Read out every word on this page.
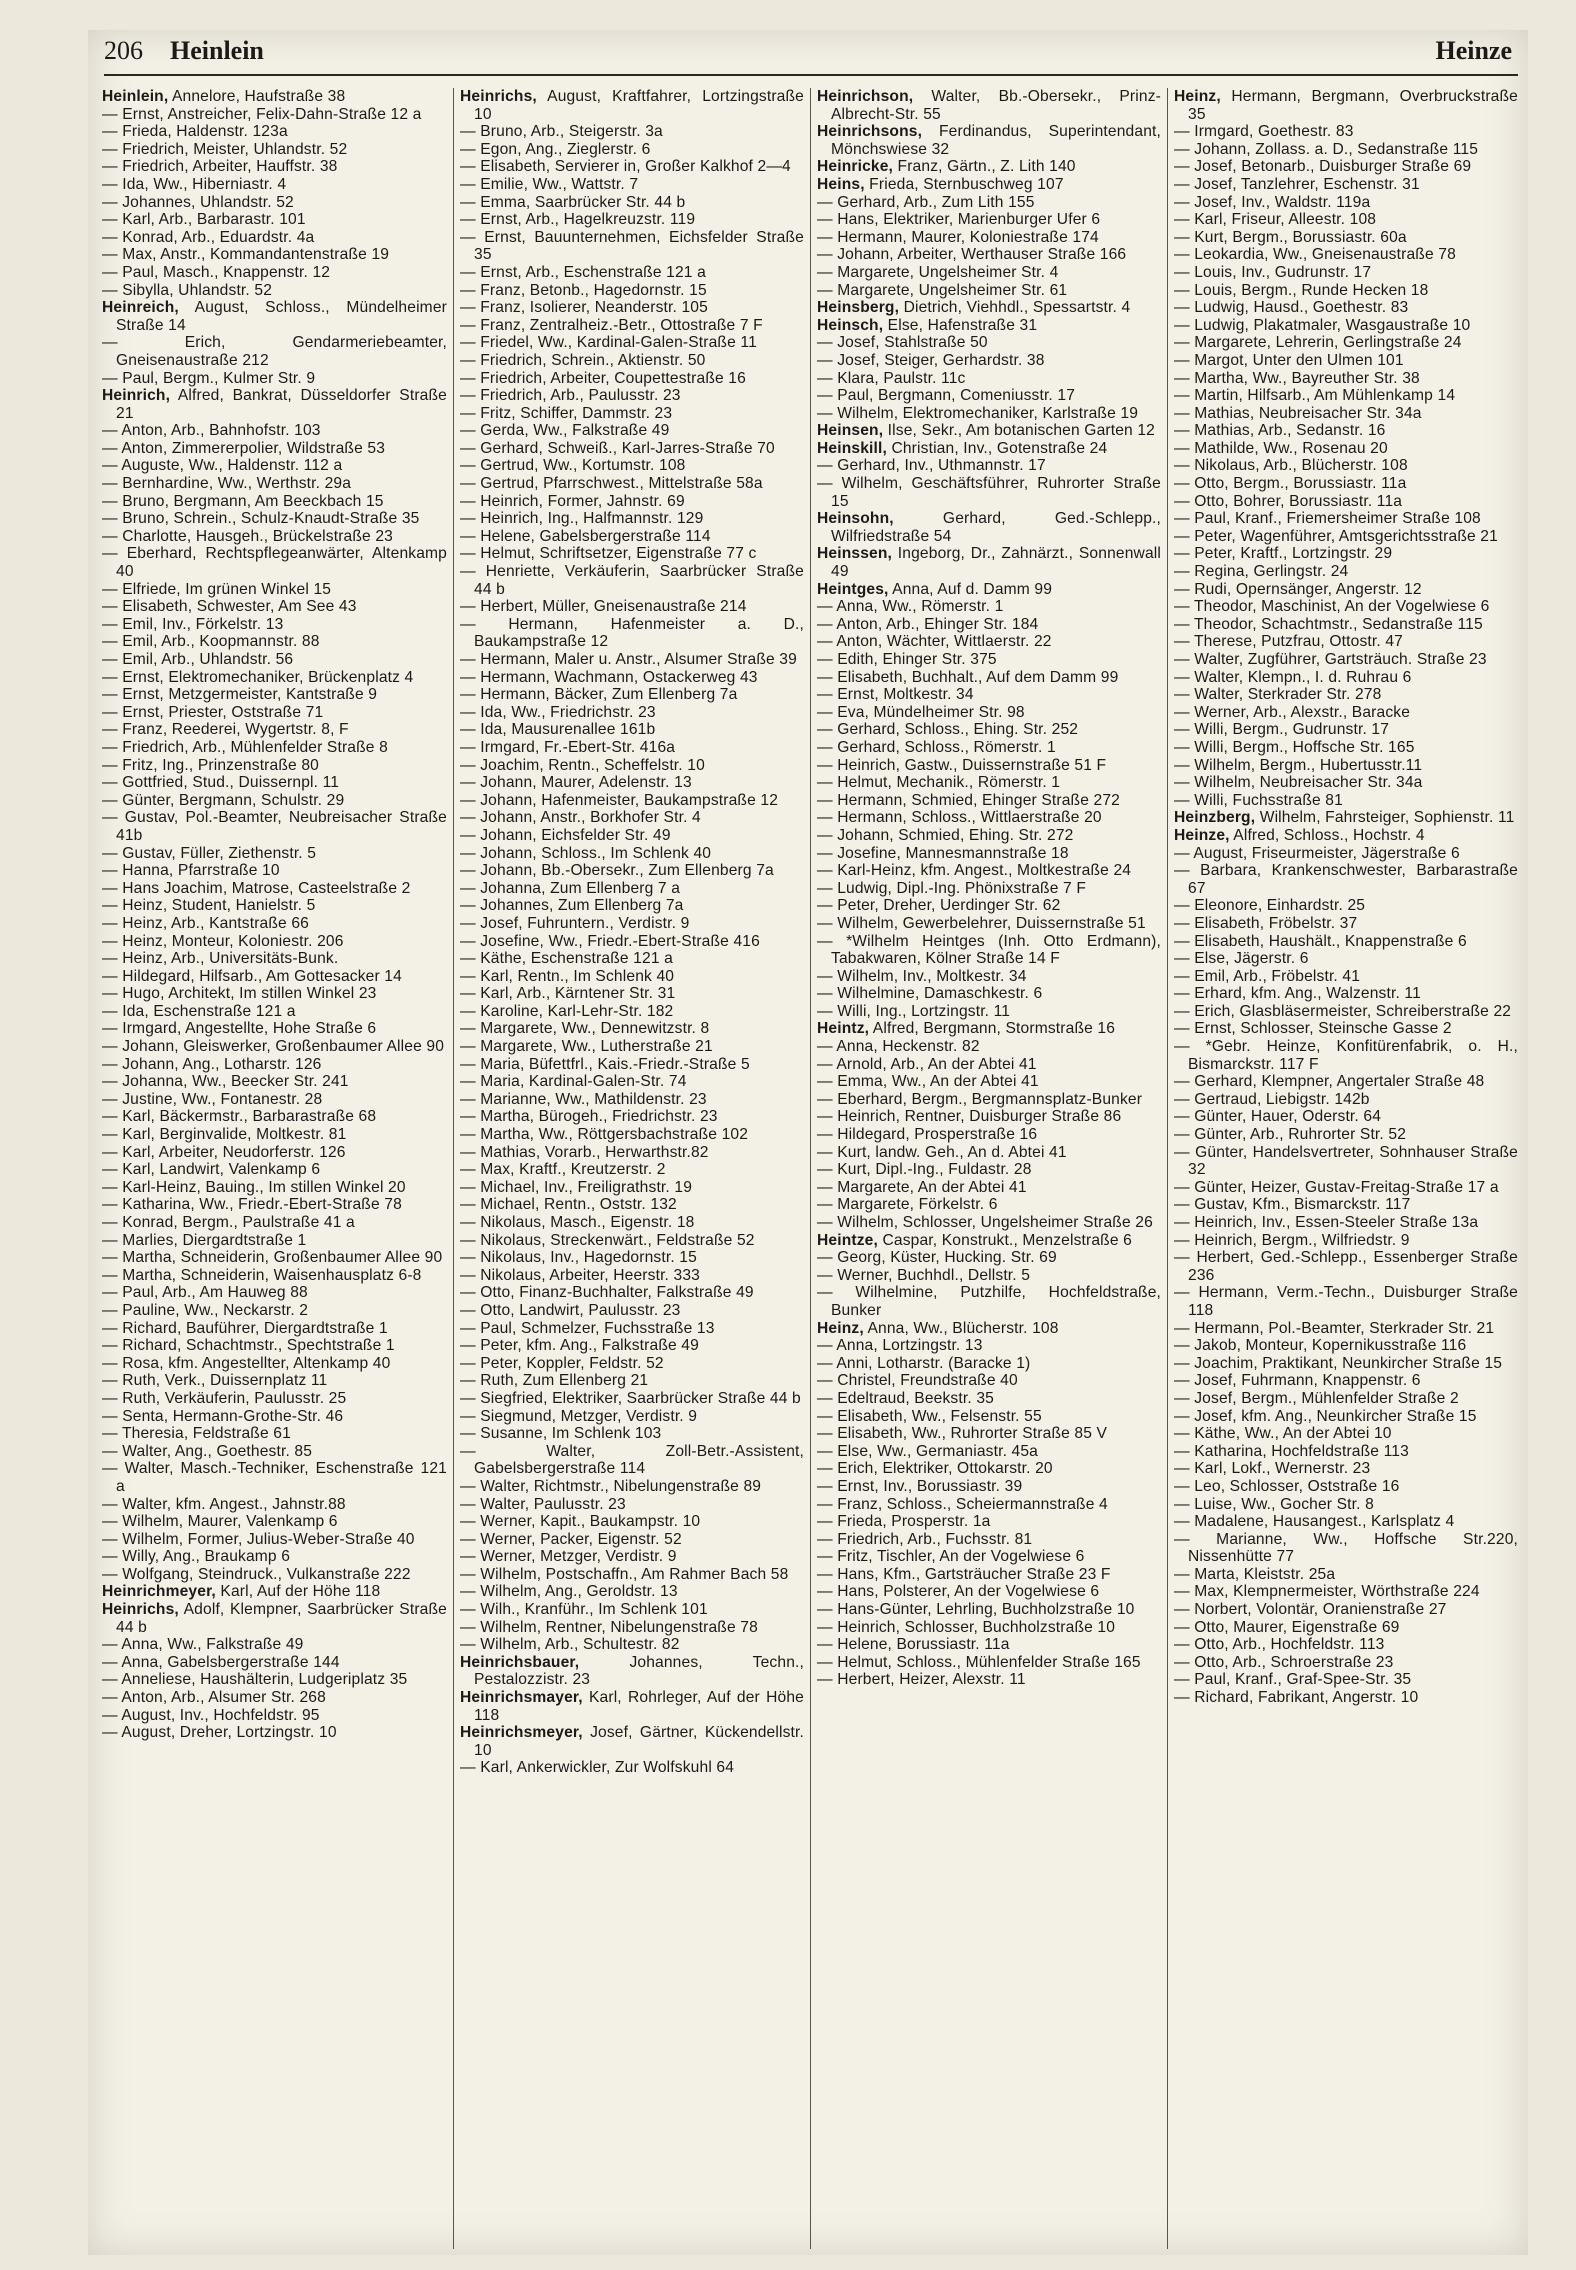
206 Heinlein	Heinze
Heinlein, Annelore, Haufstraße 38
— Ernst, Anstreicher, Felix-Dahn-Straße 12 a
— Frieda, Haldenstr. 123a
— Friedrich, Meister, Uhlandstr. 52
— Friedrich, Arbeiter, Hauffstr. 38
— Ida, Ww., Hiberniastr. 4
— Johannes, Uhlandstr. 52
— Karl, Arb., Barbarastr. 101
— Konrad, Arb., Eduardstr. 4a
— Max, Anstr., Kommandantenstraße 19
— Paul, Masch., Knappenstr. 12
— Sibylla, Uhlandstr. 52
Heinreich, August, Schloss., Mündelheimer Straße 14
— Erich, Gendarmeriebeamter, Gneisenaustraße 212
— Paul, Bergm., Kulmer Str. 9
Heinrich, Alfred, Bankrat, Düsseldorfer Straße 21
— Anton, Arb., Bahnhofstr. 103
— Anton, Zimmererpolier, Wildstraße 53
— Auguste, Ww., Haldenstr. 112 a
— Bernhardine, Ww., Werthstr. 29a
— Bruno, Bergmann, Am Beeckbach 15
— Bruno, Schrein., Schulz-Knaudt-Straße 35
— Charlotte, Hausgeh., Brückelstraße 23
— Eberhard, Rechtspflegeanwärter, Altenkamp 40
— Elfriede, Im grünen Winkel 15
— Elisabeth, Schwester, Am See 43
— Emil, Inv., Förkelstr. 13
— Emil, Arb., Koopmannstr. 88
— Emil, Arb., Uhlandstr. 56
— Ernst, Elektromechaniker, Brückenplatz 4
— Ernst, Metzgermeister, Kantstraße 9
— Ernst, Priester, Oststraße 71
— Franz, Reederei, Wygertstr. 8, F
— Friedrich, Arb., Mühlenfelder Straße 8
— Fritz, Ing., Prinzenstraße 80
— Gottfried, Stud., Duissernpl. 11
— Günter, Bergmann, Schulstr. 29
— Gustav, Pol.-Beamter, Neubreisacher Straße 41b
— Gustav, Füller, Ziethenstr. 5
— Hanna, Pfarrstraße 10
— Hans Joachim, Matrose, Casteelstraße 2
— Heinz, Student, Hanielstr. 5
— Heinz, Arb., Kantstraße 66
— Heinz, Monteur, Koloniestr. 206
— Heinz, Arb., Universitäts-Bunk.
— Hildegard, Hilfsarb., Am Gottesacker 14
— Hugo, Architekt, Im stillen Winkel 23
— Ida, Eschenstraße 121 a
— Irmgard, Angestellte, Hohe Straße 6
— Johann, Gleiswerker, Großenbaumer Allee 90
— Johann, Ang., Lotharstr. 126
— Johanna, Ww., Beecker Str. 241
— Justine, Ww., Fontanestr. 28
— Karl, Bäckermstr., Barbarastraße 68
— Karl, Berginvalide, Moltkestr. 81
— Karl, Arbeiter, Neudorferstr. 126
— Karl, Landwirt, Valenkamp 6
— Karl-Heinz, Bauing., Im stillen Winkel 20
— Katharina, Ww., Friedr.-Ebert-Straße 78
— Konrad, Bergm., Paulstraße 41 a
— Marlies, Diergardtstraße 1
— Martha, Schneiderin, Großenbaumer Allee 90
— Martha, Schneiderin, Waisenhausplatz 6-8
— Paul, Arb., Am Hauweg 88
— Pauline, Ww., Neckarstr. 2
— Richard, Bauführer, Diergardtstraße 1
— Richard, Schachtmstr., Spechtstraße 1
— Rosa, kfm. Angestellter, Altenkamp 40
— Ruth, Verk., Duissernplatz 11
— Ruth, Verkäuferin, Paulusstr. 25
— Senta, Hermann-Grothe-Str. 46
— Theresia, Feldstraße 61
— Walter, Ang., Goethestr. 85
— Walter, Masch.-Techniker, Eschenstraße 121 a
— Walter, kfm. Angest., Jahnstr.88
— Wilhelm, Maurer, Valenkamp 6
— Wilhelm, Former, Julius-Weber-Straße 40
— Willy, Ang., Braukamp 6
— Wolfgang, Steindruck., Vulkanstraße 222
Heinrichmeyer, Karl, Auf der Höhe 118
Heinrichs, Adolf, Klempner, Saarbrücker Straße 44 b
— Anna, Ww., Falkstraße 49
— Anna, Gabelsbergerstraße 144
— Anneliese, Haushälterin, Ludgeriplatz 35
— Anton, Arb., Alsumer Str. 268
— August, Inv., Hochfeldstr. 95
— August, Dreher, Lortzingstr. 10
Heinrichs, August, Kraftfahrer, Lortzingstraße 10
— Bruno, Arb., Steigerstr. 3a
— Egon, Ang., Zieglerstr. 6
— Elisabeth, Servierer in, Großer Kalkhof 2—4
— Emilie, Ww., Wattstr. 7
— Emma, Saarbrücker Str. 44 b
— Ernst, Arb., Hagelkreuzstr. 119
— Ernst, Bauunternehmen, Eichsfelder Straße 35
— Ernst, Arb., Eschenstraße 121 a
— Franz, Betonb., Hagedornstr. 15
— Franz, Isolierer, Neanderstr. 105
— Franz, Zentralheiz.-Betr., Ottostraße 7 F
— Friedel, Ww., Kardinal-Galen-Straße 11
— Friedrich, Schrein., Aktienstr. 50
— Friedrich, Arbeiter, Coupettestraße 16
— Friedrich, Arb., Paulusstr. 23
— Fritz, Schiffer, Dammstr. 23
— Gerda, Ww., Falkstraße 49
— Gerhard, Schweiß., Karl-Jarres-Straße 70
— Gertrud, Ww., Kortumstr. 108
— Gertrud, Pfarrschwest., Mittelstraße 58a
— Heinrich, Former, Jahnstr. 69
— Heinrich, Ing., Halfmannstr. 129
— Helene, Gabelsbergerstraße 114
— Helmut, Schriftsetzer, Eigenstraße 77 c
— Henriette, Verkäuferin, Saarbrücker Straße 44 b
— Herbert, Müller, Gneisenaustraße 214
— Hermann, Hafenmeister a. D., Baukampstraße 12
— Hermann, Maler u. Anstr., Alsumer Straße 39
— Hermann, Wachmann, Ostackerweg 43
— Hermann, Bäcker, Zum Ellenberg 7a
— Ida, Ww., Friedrichstr. 23
— Ida, Mausurenallee 161b
— Irmgard, Fr.-Ebert-Str. 416a
— Joachim, Rentn., Scheffelstr. 10
— Johann, Maurer, Adelenstr. 13
— Johann, Hafenmeister, Baukampstraße 12
— Johann, Anstr., Borkhofer Str. 4
— Johann, Eichsfelder Str. 49
— Johann, Schloss., Im Schlenk 40
— Johann, Bb.-Obersekr., Zum Ellenberg 7a
— Johanna, Zum Ellenberg 7 a
— Johannes, Zum Ellenberg 7a
— Josef, Fuhruntern., Verdistr. 9
— Josefine, Ww., Friedr.-Ebert-Straße 416
— Käthe, Eschenstraße 121 a
— Karl, Rentn., Im Schlenk 40
— Karl, Arb., Kärntener Str. 31
— Karoline, Karl-Lehr-Str. 182
— Margarete, Ww., Dennewitzstr. 8
— Margarete, Ww., Lutherstraße 21
— Maria, Büfettfrl., Kais.-Friedr.-Straße 5
— Maria, Kardinal-Galen-Str. 74
— Marianne, Ww., Mathildenstr. 23
— Martha, Bürogeh., Friedrichstr. 23
— Martha, Ww., Röttgersbachstraße 102
— Mathias, Vorarb., Herwarthstr.82
— Max, Kraftf., Kreutzerstr. 2
— Michael, Inv., Freiligrathstr. 19
— Michael, Rentn., Oststr. 132
— Nikolaus, Masch., Eigenstr. 18
— Nikolaus, Streckenwärt., Feldstraße 52
— Nikolaus, Inv., Hagedornstr. 15
— Nikolaus, Arbeiter, Heerstr. 333
— Otto, Finanz-Buchhalter, Falkstraße 49
— Otto, Landwirt, Paulusstr. 23
— Paul, Schmelzer, Fuchsstraße 13
— Peter, kfm. Ang., Falkstraße 49
— Peter, Koppler, Feldstr. 52
— Ruth, Zum Ellenberg 21
— Siegfried, Elektriker, Saarbrücker Straße 44 b
— Siegmund, Metzger, Verdistr. 9
— Susanne, Im Schlenk 103
— Walter, Zoll-Betr.-Assistent, Gabelsbergerstraße 114
— Walter, Richtmstr., Nibelungenstraße 89
— Walter, Paulusstr. 23
— Werner, Kapit., Baukampstr. 10
— Werner, Packer, Eigenstr. 52
— Werner, Metzger, Verdistr. 9
— Wilhelm, Postschaffn., Am Rahmer Bach 58
— Wilhelm, Ang., Geroldstr. 13
— Wilh., Kranführ., Im Schlenk 101
— Wilhelm, Rentner, Nibelungenstraße 78
— Wilhelm, Arb., Schultestr. 82
Heinrichsbauer, Johannes, Techn., Pestalozzistr. 23
Heinrichsmayer, Karl, Rohrleger, Auf der Höhe 118
Heinrichsmeyer, Josef, Gärtner, Kückendellstr. 10
— Karl, Ankerwickler, Zur Wolfskuhl 64
Heinrichson, Walter, Bb.-Obersekr., Prinz-Albrecht-Str. 55
Heinrichsons, Ferdinandus, Superintendant, Mönchswiese 32
Heinricke, Franz, Gärtn., Z. Lith 140
Heins, Frieda, Sternbuschweg 107
— Gerhard, Arb., Zum Lith 155
— Hans, Elektriker, Marienburger Ufer 6
— Hermann, Maurer, Koloniestraße 174
— Johann, Arbeiter, Werthauser Straße 166
— Margarete, Ungelsheimer Str. 4
— Margarete, Ungelsheimer Str. 61
Heinsberg, Dietrich, Viehhdl., Spessartstr. 4
Heinsch, Else, Hafenstraße 31
— Josef, Stahlstraße 50
— Josef, Steiger, Gerhardstr. 38
— Klara, Paulstr. 11c
— Paul, Bergmann, Comeniusstr. 17
— Wilhelm, Elektromechaniker, Karlstraße 19
Heinsen, Ilse, Sekr., Am botanischen Garten 12
Heinskill, Christian, Inv., Gotenstraße 24
— Gerhard, Inv., Uthmannstr. 17
— Wilhelm, Geschäftsführer, Ruhrorter Straße 15
Heinsohn, Gerhard, Ged.-Schlepp., Wilfriedstraße 54
Heinssen, Ingeborg, Dr., Zahnärzt., Sonnenwall 49
Heintges, Anna, Auf d. Damm 99
— Anna, Ww., Römerstr. 1
— Anton, Arb., Ehinger Str. 184
— Anton, Wächter, Wittlaerstr. 22
— Edith, Ehinger Str. 375
— Elisabeth, Buchhalt., Auf dem Damm 99
— Ernst, Moltkestr. 34
— Eva, Mündelheimer Str. 98
— Gerhard, Schloss., Ehing. Str. 252
— Gerhard, Schloss., Römerstr. 1
— Heinrich, Gastw., Duissernstraße 51 F
— Helmut, Mechanik., Römerstr. 1
— Hermann, Schmied, Ehinger Straße 272
— Hermann, Schloss., Wittlaerstraße 20
— Johann, Schmied, Ehing. Str. 272
— Josefine, Mannesmannstraße 18
— Karl-Heinz, kfm. Angest., Moltkestraße 24
— Ludwig, Dipl.-Ing. Phönixstraße 7 F
— Peter, Dreher, Uerdinger Str. 62
— Wilhelm, Gewerbelehrer, Duissernstraße 51
— *Wilhelm Heintges (Inh. Otto Erdmann), Tabakwaren, Kölner Straße 14 F
— Wilhelm, Inv., Moltkestr. 34
— Wilhelmine, Damaschkestr. 6
— Willi, Ing., Lortzingstr. 11
Heintz, Alfred, Bergmann, Stormstraße 16
— Anna, Heckenstr. 82
— Arnold, Arb., An der Abtei 41
— Emma, Ww., An der Abtei 41
— Eberhard, Bergm., Bergmannsplatz-Bunker
— Heinrich, Rentner, Duisburger Straße 86
— Hildegard, Prosperstraße 16
— Kurt, landw. Geh., An d. Abtei 41
— Kurt, Dipl.-Ing., Fuldastr. 28
— Margarete, An der Abtei 41
— Margarete, Förkelstr. 6
— Wilhelm, Schlosser, Ungelsheimer Straße 26
Heintze, Caspar, Konstrukt., Menzelstraße 6
— Georg, Küster, Hucking. Str. 69
— Werner, Buchhdl., Dellstr. 5
— Wilhelmine, Putzhilfe, Hochfeldstraße, Bunker
Heinz, Anna, Ww., Blücherstr. 108
— Anna, Lortzingstr. 13
— Anni, Lotharstr. (Baracke 1)
— Christel, Freundstraße 40
— Edeltraud, Beekstr. 35
— Elisabeth, Ww., Felsenstr. 55
— Elisabeth, Ww., Ruhrorter Straße 85 V
— Else, Ww., Germaniastr. 45a
— Erich, Elektriker, Ottokarstr. 20
— Ernst, Inv., Borussiastr. 39
— Franz, Schloss., Scheiermannstraße 4
— Frieda, Prosperstr. 1a
— Friedrich, Arb., Fuchsstr. 81
— Fritz, Tischler, An der Vogelwiese 6
— Hans, Kfm., Gartsträucher Straße 23 F
— Hans, Polsterer, An der Vogelwiese 6
— Hans-Günter, Lehrling, Buchholzstraße 10
— Heinrich, Schlosser, Buchholzstraße 10
— Helene, Borussiastr. 11a
— Helmut, Schloss., Mühlenfelder Straße 165
— Herbert, Heizer, Alexstr. 11
Heinz, Hermann, Bergmann, Overbruckstraße 35
— Irmgard, Goethestr. 83
— Johann, Zollass. a. D., Sedanstraße 115
— Josef, Betonarb., Duisburger Straße 69
— Josef, Tanzlehrer, Eschenstr. 31
— Josef, Inv., Waldstr. 119a
— Karl, Friseur, Alleestr. 108
— Kurt, Bergm., Borussiastr. 60a
— Leokardia, Ww., Gneisenaustraße 78
— Louis, Inv., Gudrunstr. 17
— Louis, Bergm., Runde Hecken 18
— Ludwig, Hausd., Goethestr. 83
— Ludwig, Plakatmaler, Wasgaustraße 10
— Margarete, Lehrerin, Gerlingstraße 24
— Margot, Unter den Ulmen 101
— Martha, Ww., Bayreuther Str. 38
— Martin, Hilfsarb., Am Mühlenkamp 14
— Mathias, Neubreisacher Str. 34a
— Mathias, Arb., Sedanstr. 16
— Mathilde, Ww., Rosenau 20
— Nikolaus, Arb., Blücherstr. 108
— Otto, Bergm., Borussiastr. 11a
— Otto, Bohrer, Borussiastr. 11a
— Paul, Kranf., Friemersheimer Straße 108
— Peter, Wagenführer, Amtsgerichtsstraße 21
— Peter, Kraftf., Lortzingstr. 29
— Regina, Gerlingstr. 24
— Rudi, Opernsänger, Angerstr. 12
— Theodor, Maschinist, An der Vogelwiese 6
— Theodor, Schachtmstr., Sedanstraße 115
— Therese, Putzfrau, Ottostr. 47
— Walter, Zugführer, Gartsträuch. Straße 23
— Walter, Klempn., I. d. Ruhrau 6
— Walter, Sterkrader Str. 278
— Werner, Arb., Alexstr., Baracke
— Willi, Bergm., Gudrunstr. 17
— Willi, Bergm., Hoffsche Str. 165
— Wilhelm, Bergm., Hubertusstr.11
— Wilhelm, Neubreisacher Str. 34a
— Willi, Fuchsstraße 81
Heinzberg, Wilhelm, Fahrsteiger, Sophienstr. 11
Heinze, Alfred, Schloss., Hochstr. 4
— August, Friseurmeister, Jägerstraße 6
— Barbara, Krankenschwester, Barbarastraße 67
— Eleonore, Einhardstr. 25
— Elisabeth, Fröbelstr. 37
— Elisabeth, Haushält., Knappenstraße 6
— Else, Jägerstr. 6
— Emil, Arb., Fröbelstr. 41
— Erhard, kfm. Ang., Walzenstr. 11
— Erich, Glasbläsermeister, Schreiberstraße 22
— Ernst, Schlosser, Steinsche Gasse 2
— *Gebr. Heinze, Konfitürenfabrik, o. H., Bismarckstr. 117 F
— Gerhard, Klempner, Angertaler Straße 48
— Gertraud, Liebigstr. 142b
— Günter, Hauer, Oderstr. 64
— Günter, Arb., Ruhrorter Str. 52
— Günter, Handelsvertreter, Sohnhauser Straße 32
— Günter, Heizer, Gustav-Freitag-Straße 17 a
— Gustav, Kfm., Bismarckstr. 117
— Heinrich, Inv., Essen-Steeler Straße 13a
— Heinrich, Bergm., Wilfriedstr. 9
— Herbert, Ged.-Schlepp., Essenberger Straße 236
— Hermann, Verm.-Techn., Duisburger Straße 118
— Hermann, Pol.-Beamter, Sterkrader Str. 21
— Jakob, Monteur, Kopernikusstraße 116
— Joachim, Praktikant, Neunkircher Straße 15
— Josef, Fuhrmann, Knappenstr. 6
— Josef, Bergm., Mühlenfelder Straße 2
— Josef, kfm. Ang., Neunkircher Straße 15
— Käthe, Ww., An der Abtei 10
— Katharina, Hochfeldstraße 113
— Karl, Lokf., Wernerstr. 23
— Leo, Schlosser, Oststraße 16
— Luise, Ww., Gocher Str. 8
— Madalene, Hausangest., Karlsplatz 4
— Marianne, Ww., Hoffsche Str.220, Nissenhütte 77
— Marta, Kleiststr. 25a
— Max, Klempnermeister, Wörthstraße 224
— Norbert, Volontär, Oranienstraße 27
— Otto, Maurer, Eigenstraße 69
— Otto, Arb., Hochfeldstr. 113
— Otto, Arb., Schroerstraße 23
— Paul, Kranf., Graf-Spee-Str. 35
— Richard, Fabrikant, Angerstr. 10
